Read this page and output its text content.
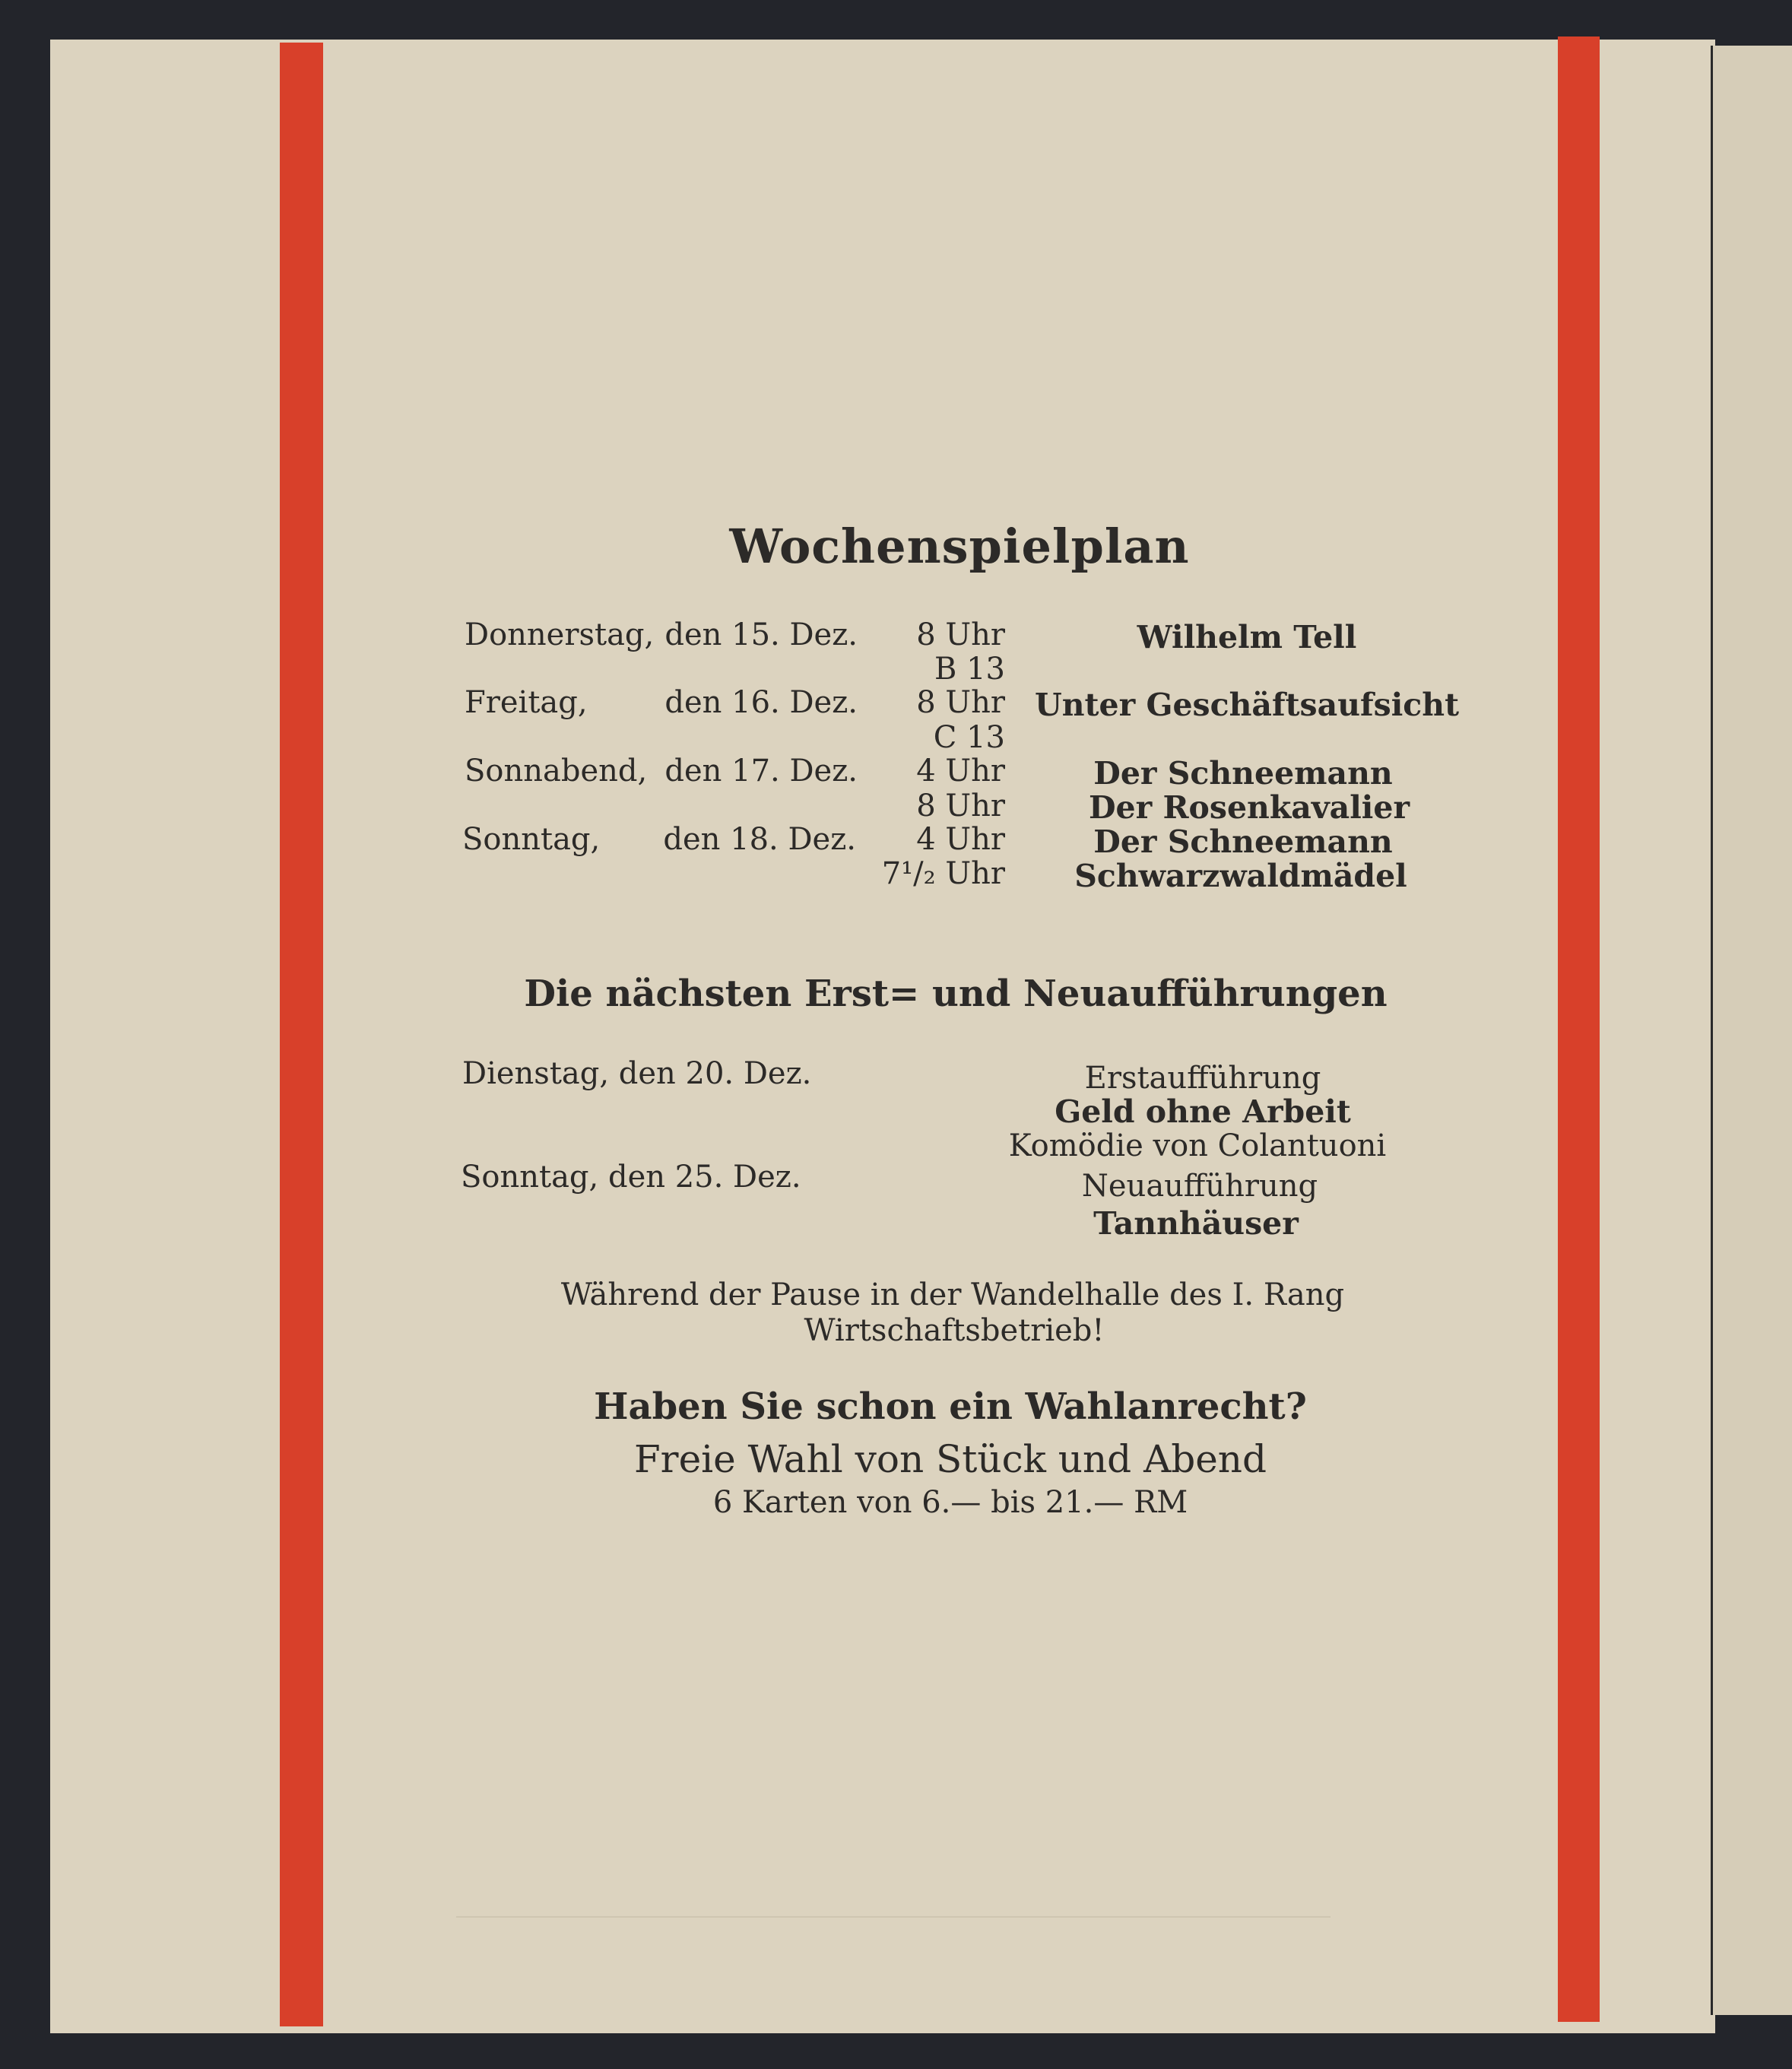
Wochenspielplan
Donnerstag, den 15. Dez. 8 Uhr	Wilhelm Tell
B 13
Freitag,	den 16. Dez. 8 Uhr Unter Geschäftsaufsicht
C 13
Sonnabend, den 17. Dez. 4 Uhr	Der Schneemann
8 Uhr	Der Rosenkavalier
Sonntag, den 18. Dez. 4 Uhr	Der Schneemann
7¹/₂ Uhr Schwarzwaldmädel
Die nächsten Erst= und Neuaufführungen
Dienstag, den 20. Dez.	Erstaufführung
Geld ohne Arbeit
Komödie von Colantuoni
Sonntag, den 25. Dez.	Neuaufführung
Tannhäuser
Während der Pause in der Wandelhalle des I. Rang
Wirtschaftsbetrieb!
Haben Sie schon ein Wahlanrecht?
Freie Wahl von Stück und Abend
6 Karten von 6.— bis 21.— RM
